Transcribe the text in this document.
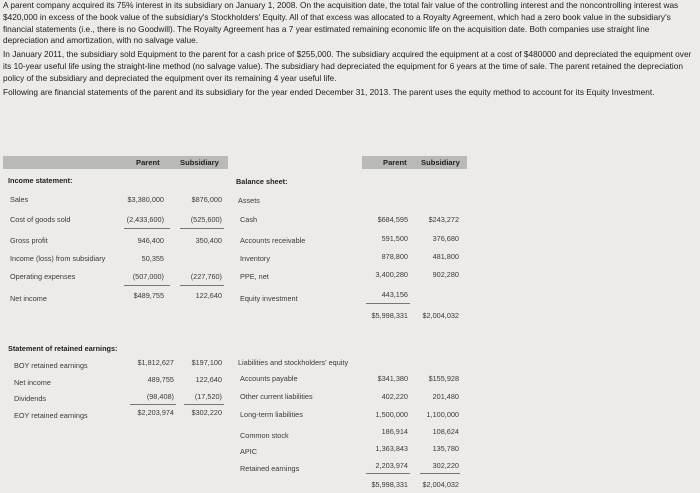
A parent company acquired its 75% interest in its subsidiary on January 1, 2008. On the acquisition date, the total fair value of the controlling interest and the noncontrolling interest was $420,000 in excess of the book value of the subsidiary's Stockholders' Equity. All of that excess was allocated to a Royalty Agreement, which had a zero book value in the subsidiary's financial statements (i.e., there is no Goodwill). The Royalty Agreement has a 7 year estimated remaining economic life on the acquisition date. Both companies use straight line depreciation and amortization, with no salvage value.

In January 2011, the subsidiary sold Equipment to the parent for a cash price of $255,000. The subsidiary acquired the equipment at a cost of $480000 and depreciated the equipment over its 10-year useful life using the straight-line method (no salvage value). The subsidiary had depreciated the equipment for 6 years at the time of sale. The parent retained the depreciation policy of the subsidiary and depreciated the equipment over its remaining 4 year useful life.

Following are financial statements of the parent and its subsidiary for the year ended December 31, 2013. The parent uses the equity method to account for its Equity Investment.

Parent	Subsidiary	Parent Subsidiary
Income statement:
Sales	$3,380,000	$876,000
Cost of goods sold	(2,433,600)	(525,600)
Gross profit	946,400	350,400
Income (loss) from subsidiary	50,355
Operating expenses	(507,000)	(227,760)
Net income	$489,755	122,640
Statement of retained earnings:
BOY retained earnings	$1,812,627 $197,100
Net income	489,755	122,640
Dividends	(98,408)	(17,520)
EOY retained earnings	$2,203,974 $302,220
Balance sheet:
Assets
Cash	$684,595	$243,272
Accounts receivable	591,500	376,680
Inventory	878,800	481,800
PPE, net	3,400,280	902,280
Equity investment	443,156
$5,998,331 $2,004,032
Liabilities and stockholders' equity
Accounts payable	$341,380	$155,928
Other current liabilities	402,220	201,480
Long-term liabilities	1,500,000	1,100,000
Common stock	186,914	108,624
APIC	1,363,843	135,780
Retained earnings	2,203,974	302,220
$5,998,331 $2,004,032
